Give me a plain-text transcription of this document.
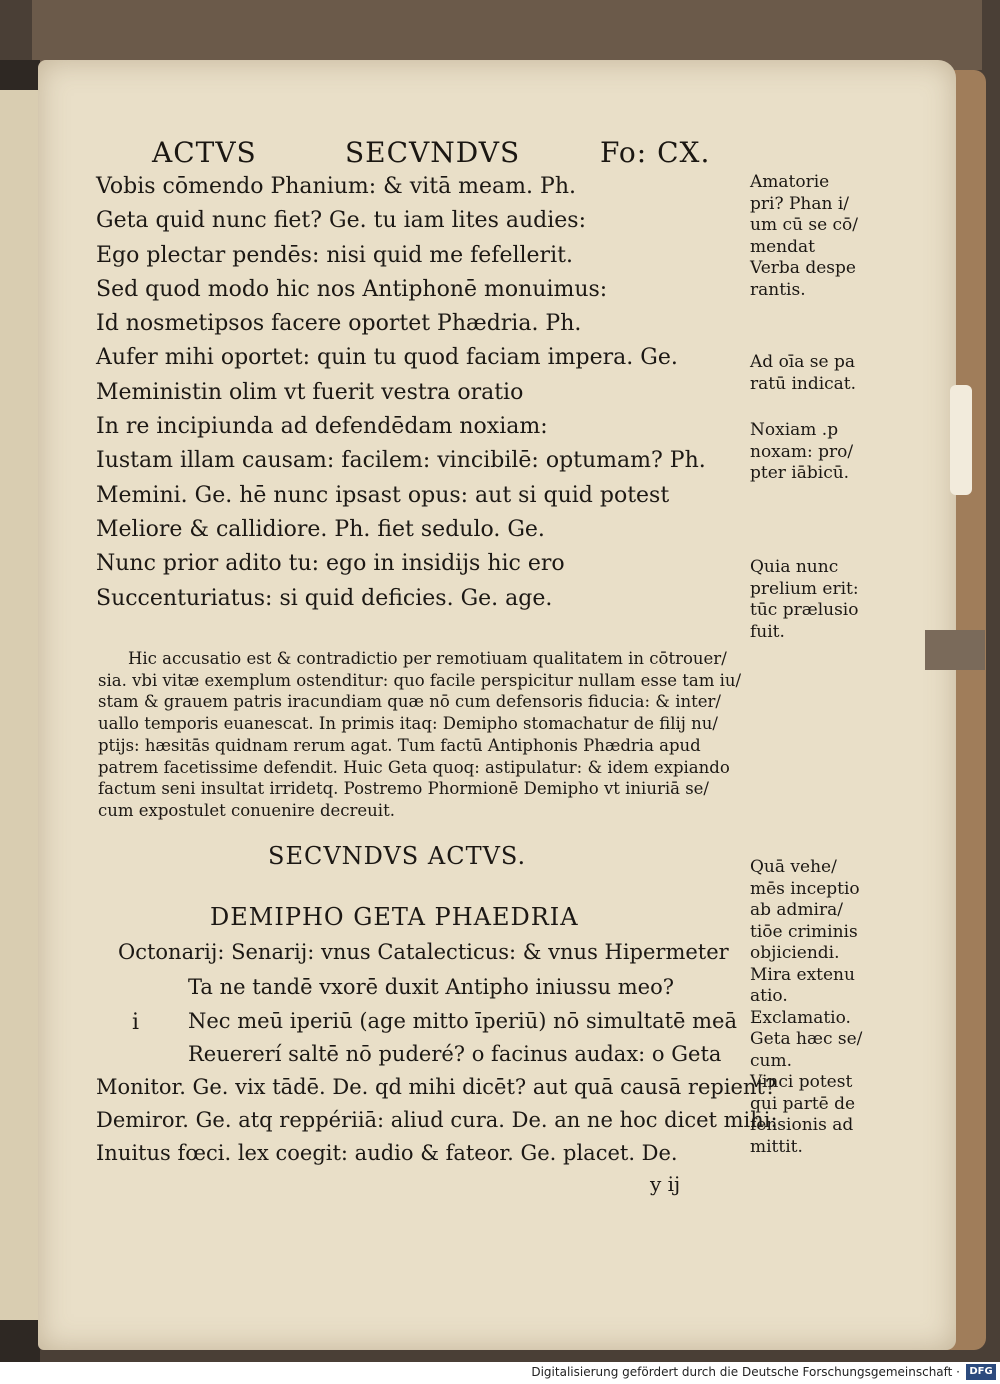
ACTVS	SECVNDVS	Fo: CX.
Vobis cōmendo Phanium: & vitā meam. Ph.
Geta quid nunc fiet? Ge. tu iam lites audies:
Ego plectar pendēs: nisi quid me fefellerit.
Sed quod modo hic nos Antiphonē monuimus:
Id nosmetipsos facere oportet Phædria. Ph.
Aufer mihi oportet: quin tu quod faciam impera. Ge.
Meministin olim vt fuerit vestra oratio
In re incipiunda ad defendēdam noxiam:
Iustam illam causam: facilem: vincibilē: optumam? Ph.
Memini. Ge. hē nunc ipsast opus: aut si quid potest
Meliore & callidiore. Ph. fiet sedulo. Ge.
Nunc prior adito tu: ego in insidijs hic ero
Succenturiatus: si quid deficies. Ge. age.
Hic accusatio est & contradictio per remotiuam qualitatem in cōtrouer/
sia. vbi vitæ exemplum ostenditur: quo facile perspicitur nullam esse tam iu/
stam & grauem patris iracundiam quæ nō cum defensoris fiducia: & inter/
uallo temporis euanescat. In primis itaq: Demipho stomachatur de filij nu/
ptijs: hæsitās quidnam rerum agat. Tum factū Antiphonis Phædria apud
patrem facetissime defendit. Huic Geta quoq: astipulatur: & idem expiando
factum seni insultat irridetq. Postremo Phormionē Demipho vt iniuriā se/
cum expostulet conuenire decreuit.
SECVNDVS ACTVS.
DEMIPHO GETA PHAEDRIA
Octonarij: Senarij: vnus Catalecticus: & vnus Hipermeter
i
Ta ne tandē vxorē duxit Antipho iniussu meo?
Nec meū iperiū (age mitto īperiū) nō simultatē meā
Reuererí saltē nō puderé? o facinus audax: o Geta
Monitor. Ge. vix tādē. De. qd mihi dicēt? aut quā causā repient?
Demiror. Ge. atq reppériiā: aliud cura. De. an ne hoc dicet mihi:
Inuitus fœci. lex coegit: audio & fateor. Ge. placet. De.
y ij
Amatorie
pri? Phan i/
um cū se cō/
mendat
Verba despe
rantis.
Ad oīa se pa
ratū indicat.
Noxiam .p
noxam: pro/
pter iābicū.
Quia nunc
prelium erit:
tūc prælusio
fuit.
Quā vehe/
mēs inceptio
ab admira/
tiōe criminis
objiciendi.
Mira extenu
atio.
Exclamatio.
Geta hæc se/
cum.
Vinci potest
qui partē de
fensionis ad
mittit.
Digitalisierung gefördert durch die Deutsche Forschungsgemeinschaft · DFG
